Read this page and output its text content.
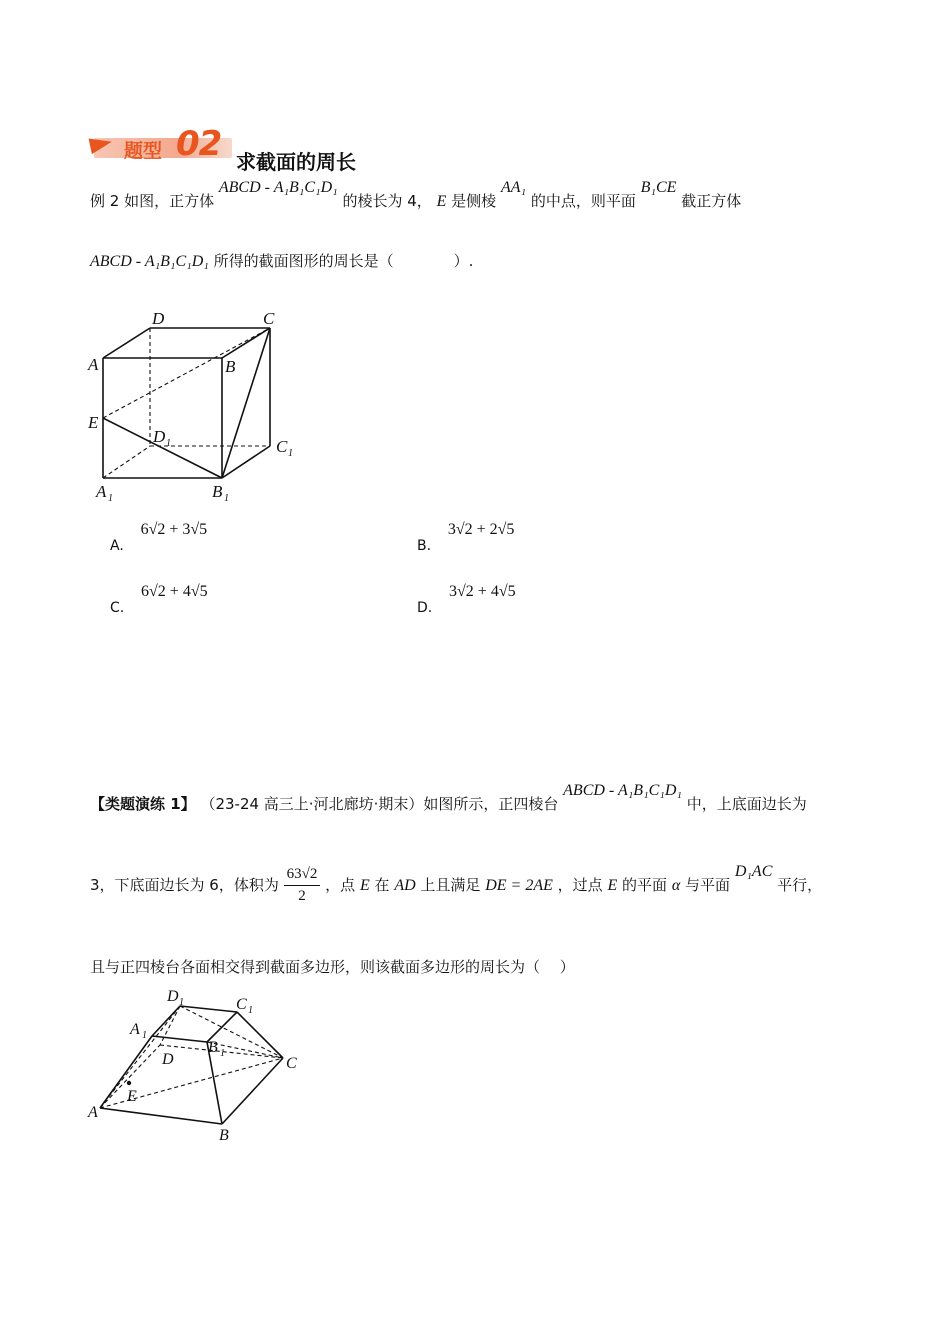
题型 02 求截面的周长
例 2 如图，正方体 ABCD - A₁B₁C₁D₁ 的棱长为 4， E 是侧棱 AA₁ 的中点，则平面 B₁CE 截正方体
ABCD - A₁B₁C₁D₁ 所得的截面图形的周长是（　　　　）.
D	C
A	B
E
D 1	C 1
A 1	B 1
A. 6√2 + 3√5
B. 3√2 + 2√5
C. 6√2 + 4√5
D. 3√2 + 4√5
【类题演练 1】 （23-24 高三上·河北廊坊·期末）如图所示，正四棱台 ABCD - A₁B₁C₁D₁ 中，上底面边长为
3，下底面边长为 6，体积为 $\frac{63√2}{2}$ ，点 E 在 AD 上且满足 DE = 2AE ，过点 E 的平面 α 与平面 D₁AC 平行，
且与正四棱台各面相交得到截面多边形，则该截面多边形的周长为（　 ）
D 1	C 1
A 1
B 1
D	C
E
A
B
